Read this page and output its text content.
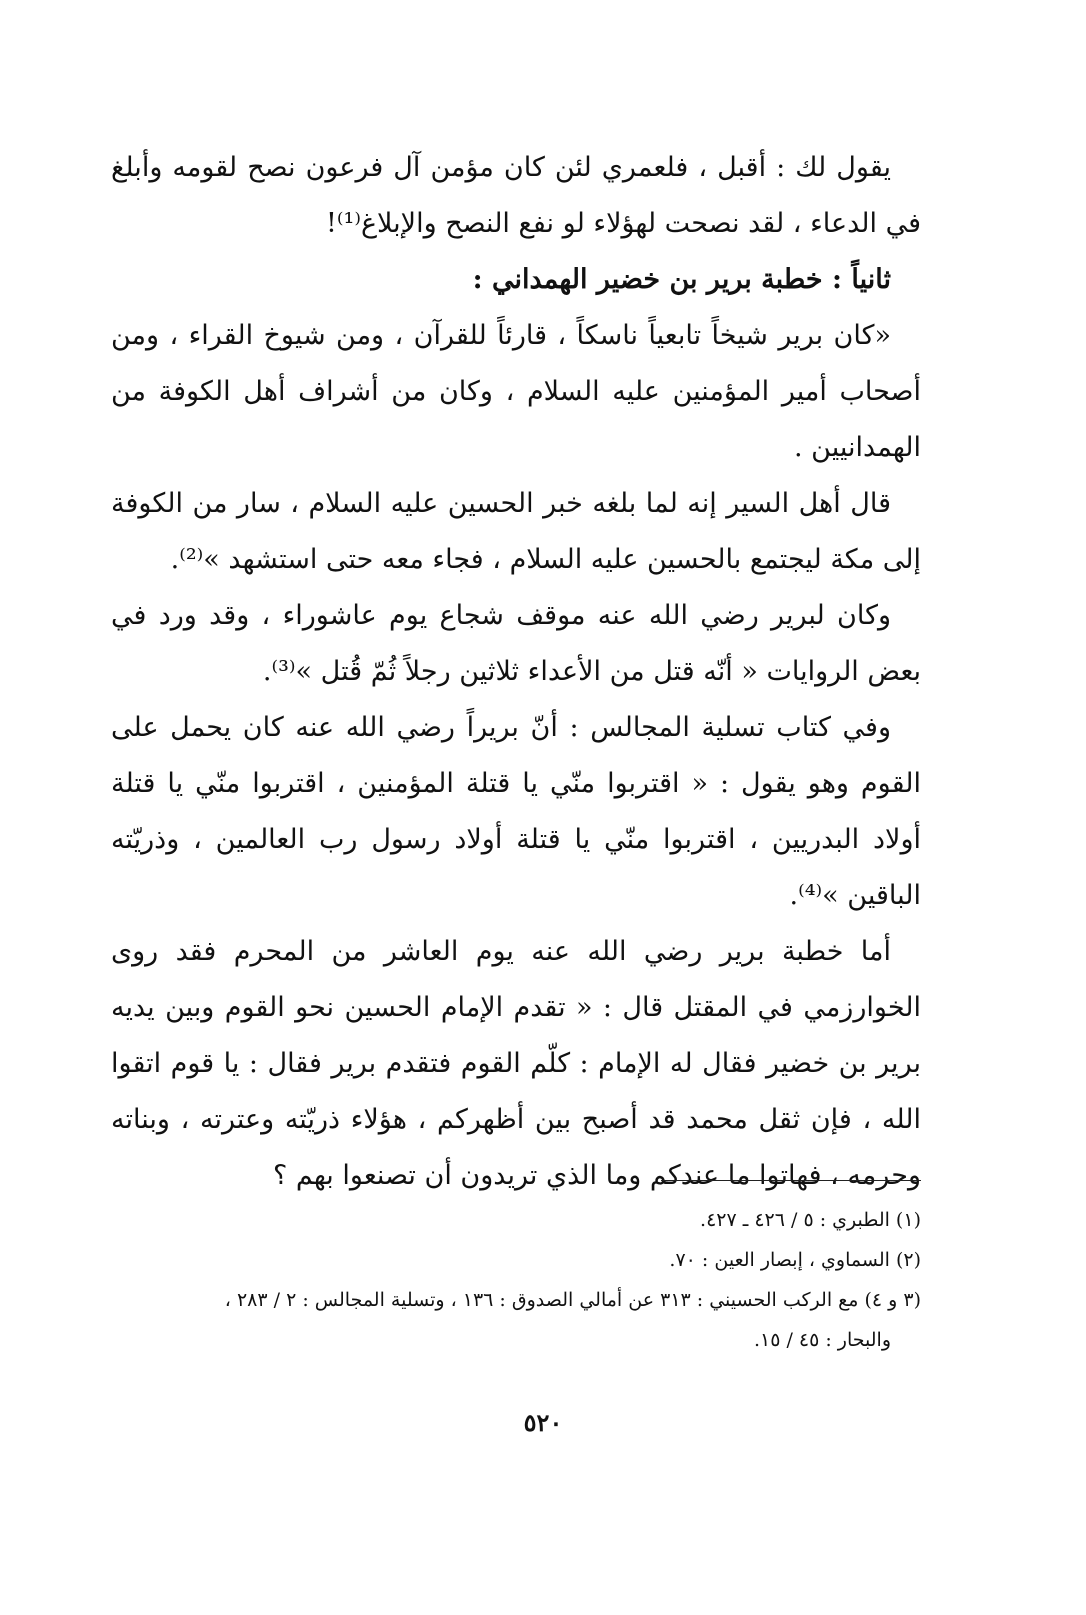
يقول لك : أقبل ، فلعمري لئن كان مؤمن آل فرعون نصح لقومه وأبلغ في الدعاء ، لقد نصحت لهؤلاء لو نفع النصح والإبلاغ⁽¹⁾!

ثانياً : خطبة برير بن خضير الهمداني :

«كان برير شيخاً تابعياً ناسكاً ، قارئاً للقرآن ، ومن شيوخ القراء ، ومن أصحاب أمير المؤمنين عليه السلام ، وكان من أشراف أهل الكوفة من الهمدانيين .

قال أهل السير إنه لما بلغه خبر الحسين عليه السلام ، سار من الكوفة إلى مكة ليجتمع بالحسين عليه السلام ، فجاء معه حتى استشهد »⁽²⁾.

وكان لبرير رضي الله عنه موقف شجاع يوم عاشوراء ، وقد ورد في بعض الروايات « أنّه قتل من الأعداء ثلاثين رجلاً ثُمّ قُتل »⁽³⁾.

وفي كتاب تسلية المجالس : أنّ بريراً رضي الله عنه كان يحمل على القوم وهو يقول : « اقتربوا منّي يا قتلة المؤمنين ، اقتربوا منّي يا قتلة أولاد البدريين ، اقتربوا منّي يا قتلة أولاد رسول رب العالمين ، وذريّته الباقين »⁽⁴⁾.

أما خطبة برير رضي الله عنه يوم العاشر من المحرم فقد روى الخوارزمي في المقتل قال : « تقدم الإمام الحسين نحو القوم وبين يديه برير بن خضير فقال له الإمام : كلّم القوم فتقدم برير فقال : يا قوم اتقوا الله ، فإن ثقل محمد قد أصبح بين أظهركم ، هؤلاء ذريّته وعترته ، وبناته وحرمه ، فهاتوا ما عندكم وما الذي تريدون أن تصنعوا بهم ؟

(١) الطبري : ٥ / ٤٢٦ ـ ٤٢٧.

(٢) السماوي ، إبصار العين : ٧٠.

(٣ و ٤) مع الركب الحسيني : ٣١٣ عن أمالي الصدوق : ١٣٦ ، وتسلية المجالس : ٢ / ٢٨٣ ،

والبحار : ٤٥ / ١٥.

٥٢٠
